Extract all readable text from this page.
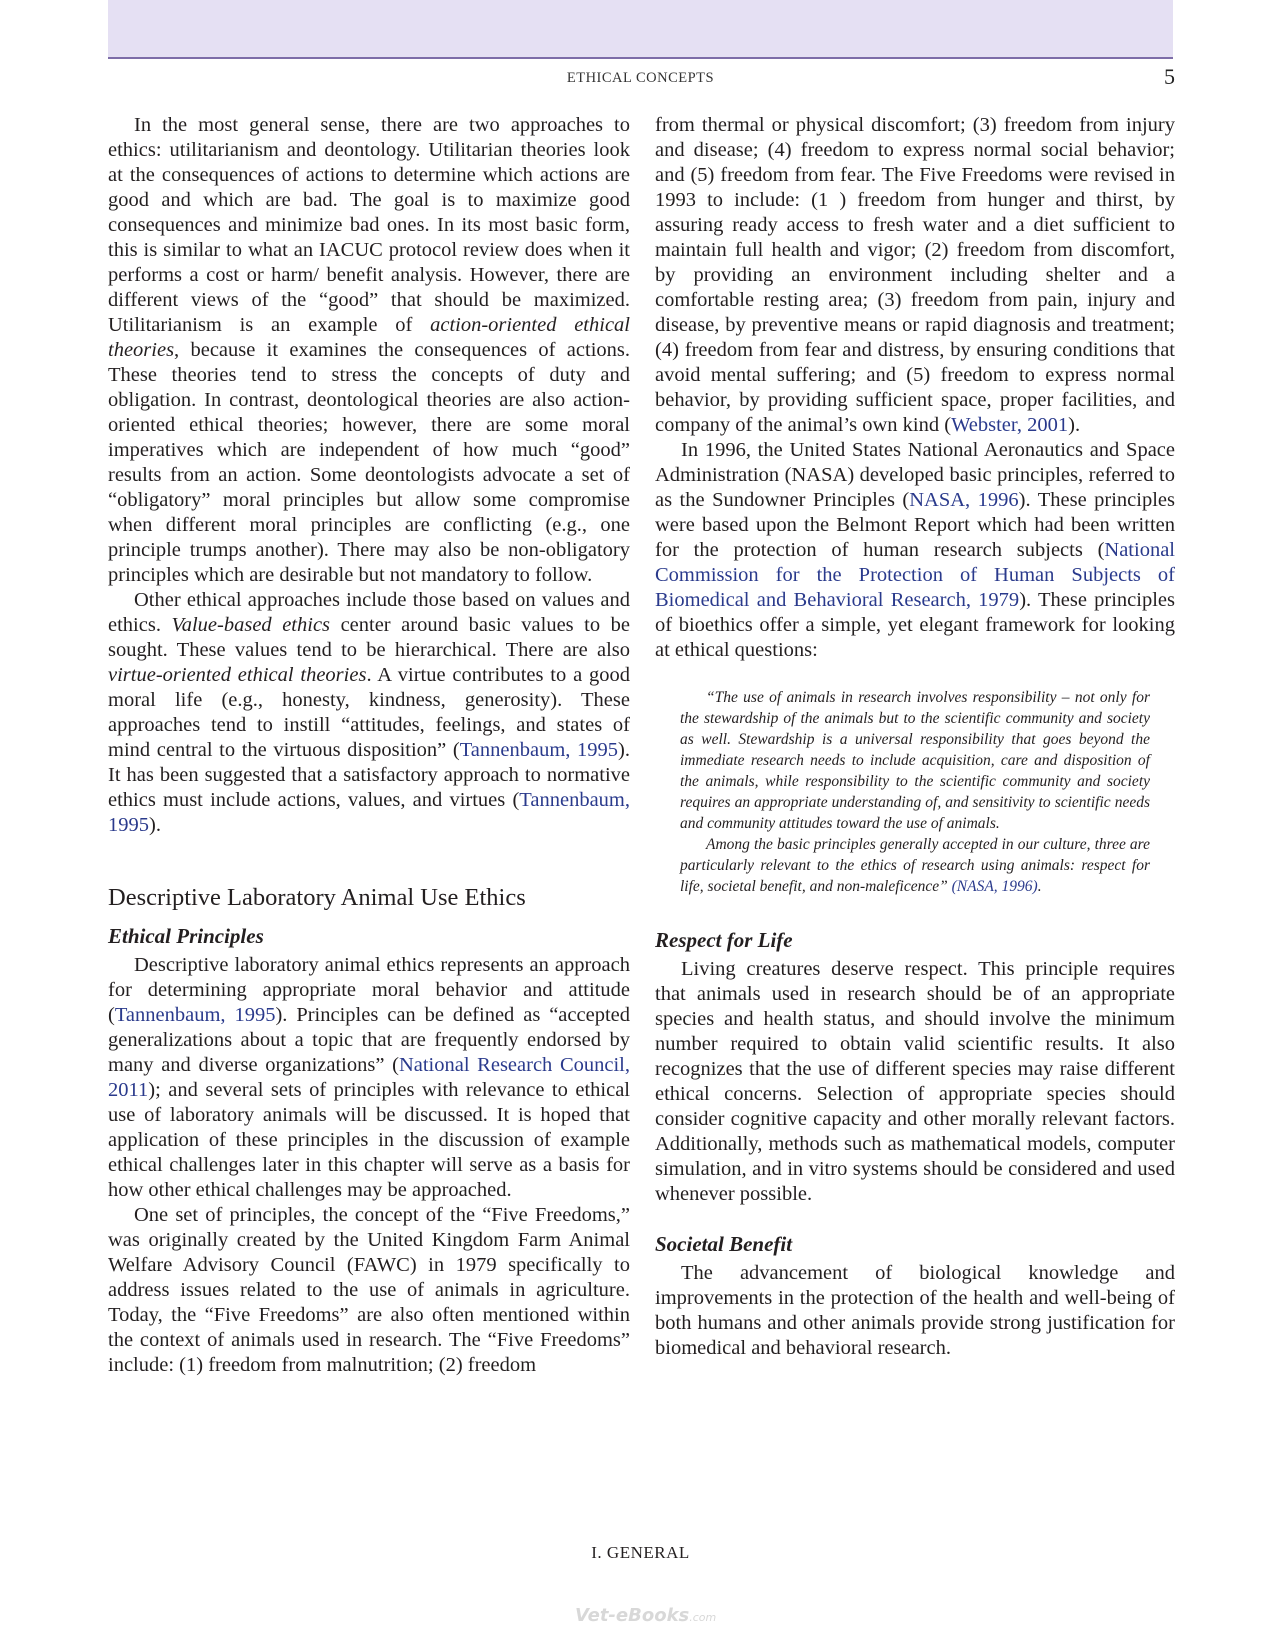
ETHICAL CONCEPTS	5

In the most general sense, there are two approaches to ethics: utilitarianism and deontology. Utilitarian theories look at the consequences of actions to determine which actions are good and which are bad. The goal is to maximize good consequences and minimize bad ones. In its most basic form, this is similar to what an IACUC protocol review does when it performs a cost or harm/ benefit analysis. However, there are different views of the “good” that should be maximized. Utilitarianism is an example of action-oriented ethical theories, because it examines the consequences of actions. These theories tend to stress the concepts of duty and obligation. In contrast, deontological theories are also action-oriented ethical theories; however, there are some moral imperatives which are independent of how much “good” results from an action. Some deontologists advocate a set of “obligatory” moral principles but allow some compromise when different moral principles are conflicting (e.g., one principle trumps another). There may also be non-obligatory principles which are desirable but not mandatory to follow.

Other ethical approaches include those based on values and ethics. Value-based ethics center around basic values to be sought. These values tend to be hierarchical. There are also virtue-oriented ethical theories. A virtue contributes to a good moral life (e.g., honesty, kindness, generosity). These approaches tend to instill “attitudes, feelings, and states of mind central to the virtuous disposition” (Tannenbaum, 1995). It has been suggested that a satisfactory approach to normative ethics must include actions, values, and virtues (Tannenbaum, 1995).

Descriptive Laboratory Animal Use Ethics
Ethical Principles

Descriptive laboratory animal ethics represents an approach for determining appropriate moral behavior and attitude (Tannenbaum, 1995). Principles can be defined as “accepted generalizations about a topic that are frequently endorsed by many and diverse organizations” (National Research Council, 2011); and several sets of principles with relevance to ethical use of laboratory animals will be discussed. It is hoped that application of these principles in the discussion of example ethical challenges later in this chapter will serve as a basis for how other ethical challenges may be approached.

One set of principles, the concept of the “Five Freedoms,” was originally created by the United Kingdom Farm Animal Welfare Advisory Council (FAWC) in 1979 specifically to address issues related to the use of animals in agriculture. Today, the “Five Freedoms” are also often mentioned within the context of animals used in research. The “Five Freedoms” include: (1) freedom from malnutrition; (2) freedom

from thermal or physical discomfort; (3) freedom from injury and disease; (4) freedom to express normal social behavior; and (5) freedom from fear. The Five Freedoms were revised in 1993 to include: (1 ) freedom from hunger and thirst, by assuring ready access to fresh water and a diet sufficient to maintain full health and vigor; (2) freedom from discomfort, by providing an environment including shelter and a comfortable resting area; (3) freedom from pain, injury and disease, by preventive means or rapid diagnosis and treatment; (4) freedom from fear and distress, by ensuring conditions that avoid mental suffering; and (5) freedom to express normal behavior, by providing sufficient space, proper facilities, and company of the animal’s own kind (Webster, 2001).

In 1996, the United States National Aeronautics and Space Administration (NASA) developed basic principles, referred to as the Sundowner Principles (NASA, 1996). These principles were based upon the Belmont Report which had been written for the protection of human research subjects (National Commission for the Protection of Human Subjects of Biomedical and Behavioral Research, 1979). These principles of bioethics offer a simple, yet elegant framework for looking at ethical questions:

“The use of animals in research involves responsibility – not only for the stewardship of the animals but to the scientific community and society as well. Stewardship is a universal responsibility that goes beyond the immediate research needs to include acquisition, care and disposition of the animals, while responsibility to the scientific community and society requires an appropriate understanding of, and sensitivity to scientific needs and community attitudes toward the use of animals.

Among the basic principles generally accepted in our culture, three are particularly relevant to the ethics of research using animals: respect for life, societal benefit, and non-maleficence” (NASA, 1996).

Respect for Life

Living creatures deserve respect. This principle requires that animals used in research should be of an appropriate species and health status, and should involve the minimum number required to obtain valid scientific results. It also recognizes that the use of different species may raise different ethical concerns. Selection of appropriate species should consider cognitive capacity and other morally relevant factors. Additionally, methods such as mathematical models, computer simulation, and in vitro systems should be considered and used whenever possible.

Societal Benefit

The advancement of biological knowledge and improvements in the protection of the health and well-being of both humans and other animals provide strong justification for biomedical and behavioral research.

I. GENERAL
Vet-eBooks.com
